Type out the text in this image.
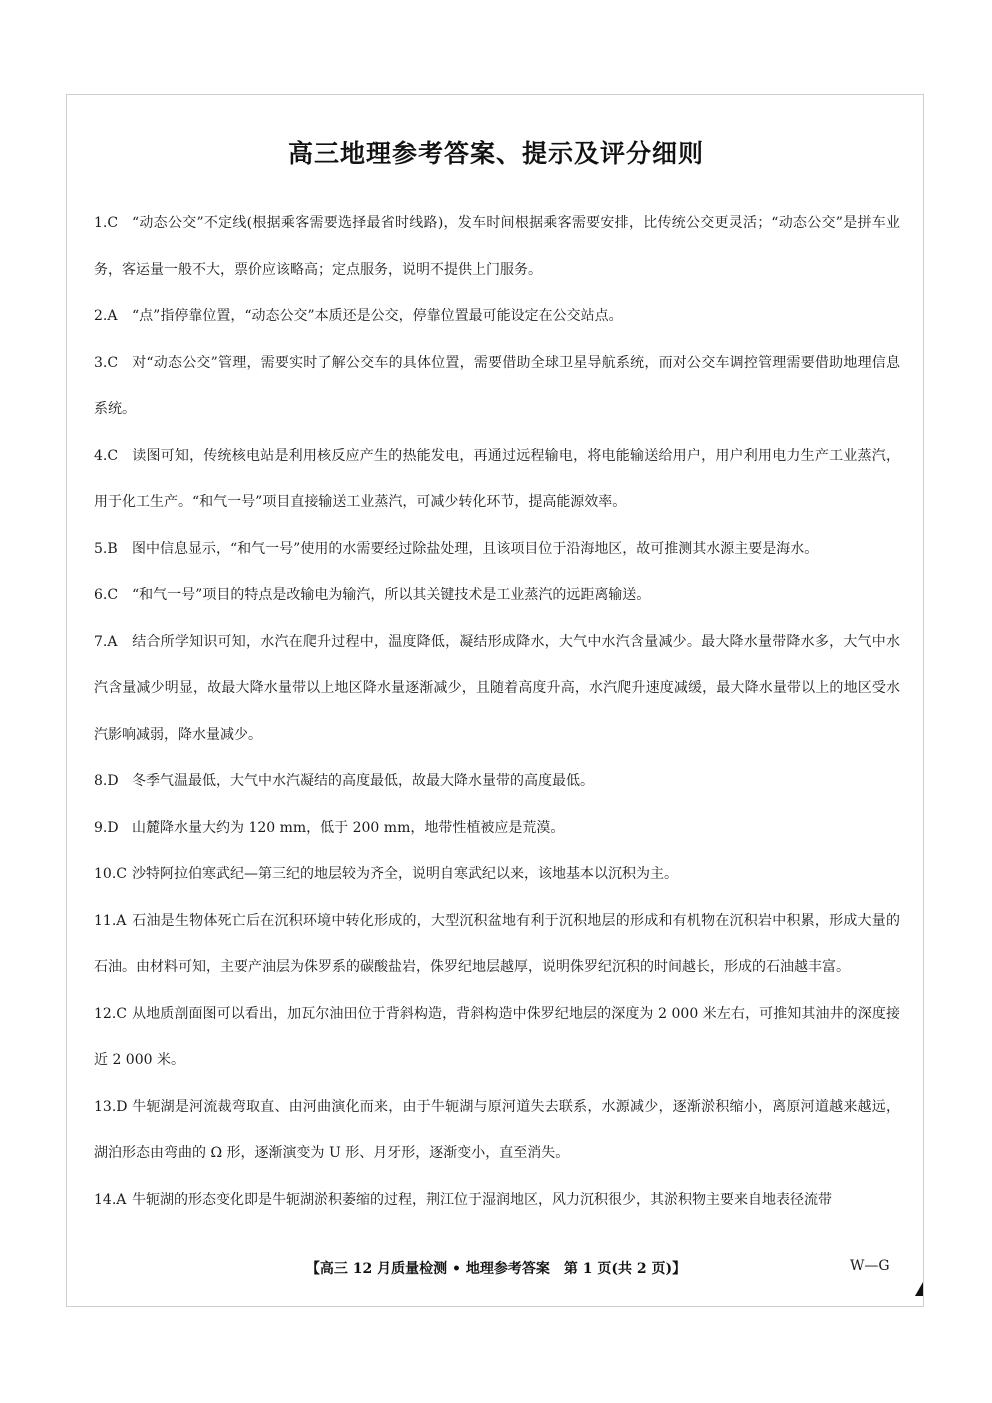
高三地理参考答案、提示及评分细则
1.C “动态公交”不定线(根据乘客需要选择最省时线路)，发车时间根据乘客需要安排，比传统公交更灵活；“动态公交”是拼车业务，客运量一般不大，票价应该略高；定点服务，说明不提供上门服务。
2.A “点”指停靠位置，“动态公交”本质还是公交，停靠位置最可能设定在公交站点。
3.C 对“动态公交”管理，需要实时了解公交车的具体位置，需要借助全球卫星导航系统，而对公交车调控管理需要借助地理信息系统。
4.C 读图可知，传统核电站是利用核反应产生的热能发电，再通过远程输电，将电能输送给用户，用户利用电力生产工业蒸汽，用于化工生产。“和气一号”项目直接输送工业蒸汽，可减少转化环节，提高能源效率。
5.B 图中信息显示，“和气一号”使用的水需要经过除盐处理，且该项目位于沿海地区，故可推测其水源主要是海水。
6.C “和气一号”项目的特点是改输电为输汽，所以其关键技术是工业蒸汽的远距离输送。
7.A 结合所学知识可知，水汽在爬升过程中，温度降低，凝结形成降水，大气中水汽含量减少。最大降水量带降水多，大气中水汽含量减少明显，故最大降水量带以上地区降水量逐渐减少，且随着高度升高，水汽爬升速度减缓，最大降水量带以上的地区受水汽影响减弱，降水量减少。
8.D 冬季气温最低，大气中水汽凝结的高度最低，故最大降水量带的高度最低。
9.D 山麓降水量大约为 120 mm，低于 200 mm，地带性植被应是荒漠。
10.C 沙特阿拉伯寒武纪—第三纪的地层较为齐全，说明自寒武纪以来，该地基本以沉积为主。
11.A 石油是生物体死亡后在沉积环境中转化形成的，大型沉积盆地有利于沉积地层的形成和有机物在沉积岩中积累，形成大量的石油。由材料可知，主要产油层为侏罗系的碳酸盐岩，侏罗纪地层越厚，说明侏罗纪沉积的时间越长，形成的石油越丰富。
12.C 从地质剖面图可以看出，加瓦尔油田位于背斜构造，背斜构造中侏罗纪地层的深度为 2 000 米左右，可推知其油井的深度接近 2 000 米。
13.D 牛轭湖是河流裁弯取直、由河曲演化而来，由于牛轭湖与原河道失去联系，水源减少，逐渐淤积缩小，离原河道越来越远，湖泊形态由弯曲的 Ω 形，逐渐演变为 U 形、月牙形，逐渐变小，直至消失。
14.A 牛轭湖的形态变化即是牛轭湖淤积萎缩的过程，荆江位于湿润地区，风力沉积很少，其淤积物主要来自地表径流带
【高三 12 月质量检测 • 地理参考答案　第 1 页(共 2 页)】	W—G
